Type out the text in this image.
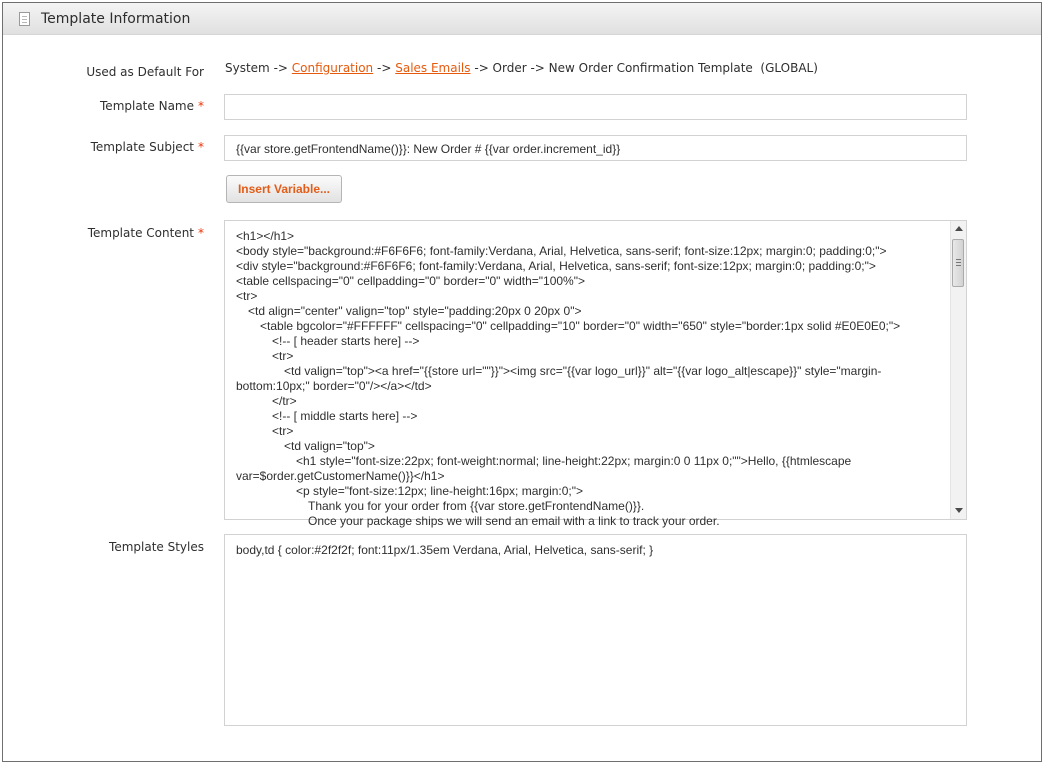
Template Information
Used as Default For System -> Configuration -> Sales Emails -> Order -> New Order Confirmation Template  (GLOBAL)
Template Name *
Template Subject *	{{var store.getFrontendName()}}: New Order # {{var order.increment_id}}
Insert Variable...
Template Content *	<h1></h1>
<body style="background:#F6F6F6; font-family:Verdana, Arial, Helvetica, sans-serif; font-size:12px; margin:0; padding:0;">
<div style="background:#F6F6F6; font-family:Verdana, Arial, Helvetica, sans-serif; font-size:12px; margin:0; padding:0;">
<table cellspacing="0" cellpadding="0" border="0" width="100%">
<tr>
<td align="center" valign="top" style="padding:20px 0 20px 0">
<table bgcolor="#FFFFFF" cellspacing="0" cellpadding="10" border="0" width="650" style="border:1px solid #E0E0E0;">
<!-- [ header starts here] -->
<tr>
<td valign="top"><a href="{{store url=""}}"><img src="{{var logo_url}}" alt="{{var logo_alt|escape}}" style="margin-
bottom:10px;" border="0"/></a></td>
</tr>
<!-- [ middle starts here] -->
<tr>
<td valign="top">
<h1 style="font-size:22px; font-weight:normal; line-height:22px; margin:0 0 11px 0;"">Hello, {{htmlescape
var=$order.getCustomerName()}}</h1>
<p style="font-size:12px; line-height:16px; margin:0;">
Thank you for your order from {{var store.getFrontendName()}}.
Once your package ships we will send an email with a link to track your order.
Template Styles	body,td { color:#2f2f2f; font:11px/1.35em Verdana, Arial, Helvetica, sans-serif; }
